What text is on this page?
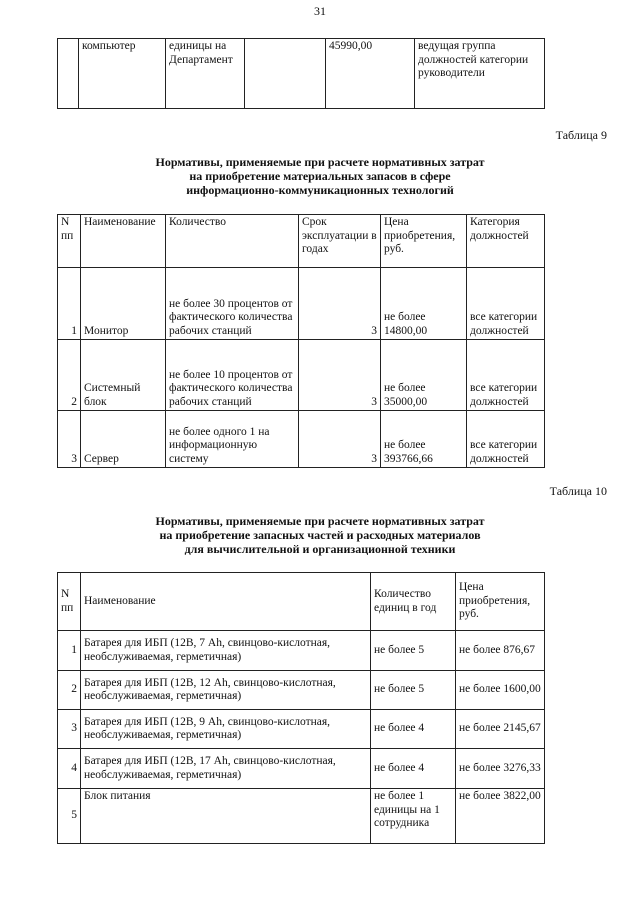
31
	компьютер	единицы на Департамент		45990,00	ведущая группа должностей категории руководители
Таблица 9
Нормативы, применяемые при расчете нормативных затрат
на приобретение материальных запасов в сфере
информационно-коммуникационных технологий
N пп	Наименование	Количество	Срок эксплуатации в годах	Цена приобретения, руб.	Категория должностей
1	Монитор	не более 30 процентов от фактического количества рабочих станций	3	не более 14800,00	все категории должностей
2	Системный блок	не более 10 процентов от фактического количества рабочих станций	3	не более 35000,00	все категории должностей
3	Сервер	не более одного 1 на информационную систему	3	не более 393766,66	все категории должностей
Таблица 10
Нормативы, применяемые при расчете нормативных затрат
на приобретение запасных частей и расходных материалов
для вычислительной и организационной техники
N пп	Наименование	Количество единиц в год	Цена приобретения, руб.
1	Батарея для ИБП (12В, 7 Ah, свинцово-кислотная, необслуживаемая, герметичная)	не более 5	не более 876,67
2	Батарея для ИБП (12В, 12 Ah, свинцово-кислотная, необслуживаемая, герметичная)	не более 5	не более 1600,00
3	Батарея для ИБП (12В, 9 Ah, свинцово-кислотная, необслуживаемая, герметичная)	не более 4	не более 2145,67
4	Батарея для ИБП (12В, 17 Ah, свинцово-кислотная, необслуживаемая, герметичная)	не более 4	не более 3276,33
5	Блок питания	не более 1 единицы на 1 сотрудника	не более 3822,00
